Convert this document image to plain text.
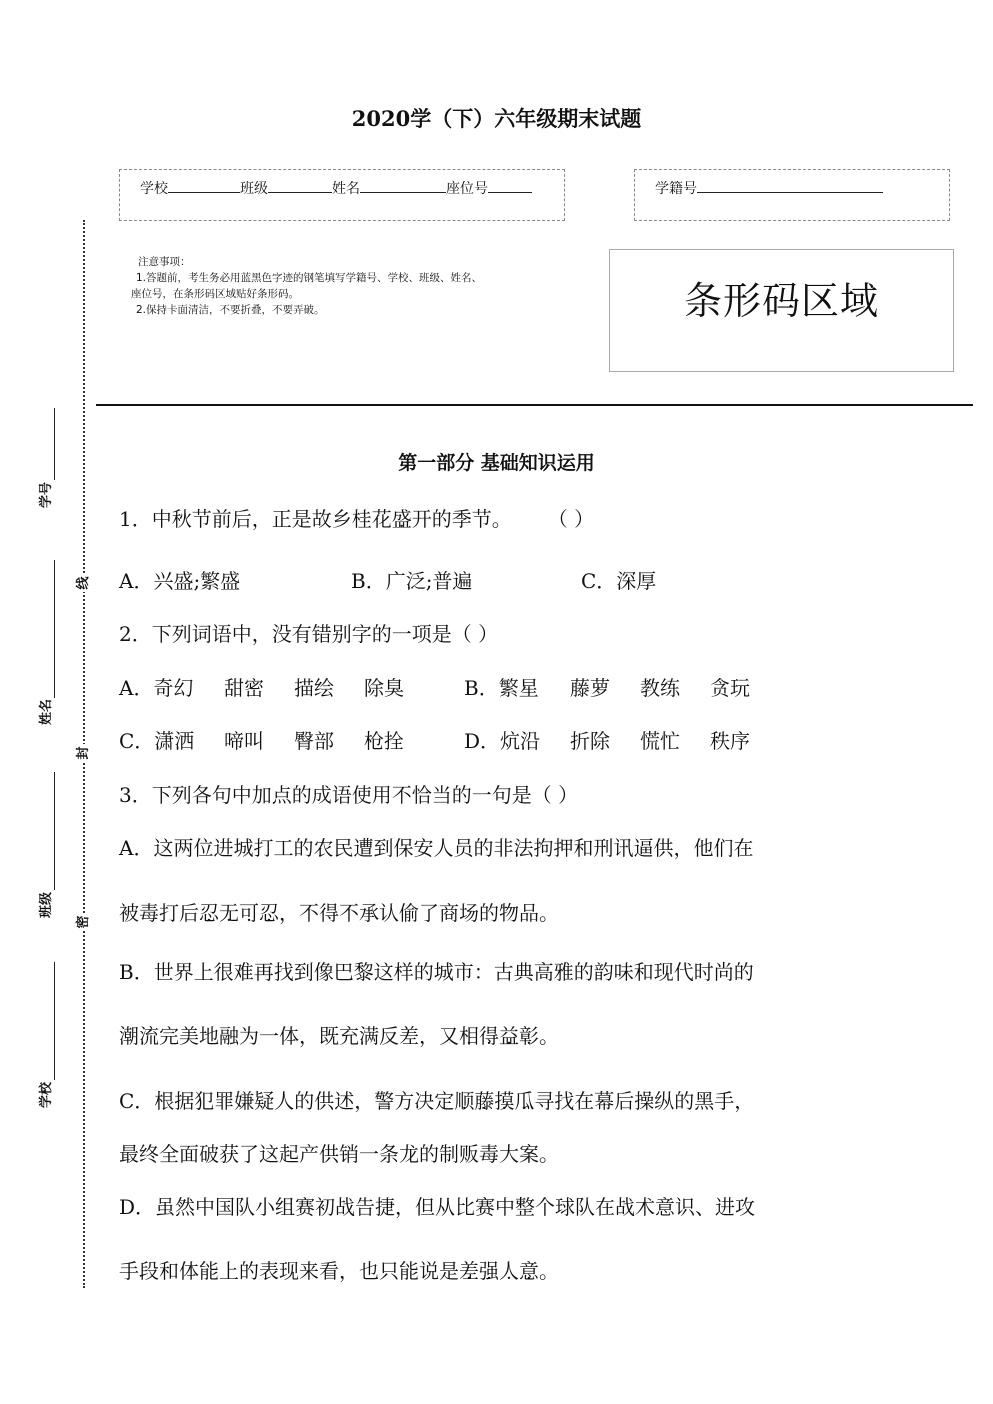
2020学（下）六年级期末试题
学校	班级	姓名	座位号	学籍号
注意事项：
1.答题前，考生务必用蓝黑色字迹的钢笔填写学籍号、学校、班级、姓名、
座位号，在条形码区域贴好条形码。
2.保持卡面清洁，不要折叠，不要弄破。	条形码区域
学号
姓名
班级
学校
线
封
密
第一部分 基础知识运用
1．中秋节前后，正是故乡桂花盛开的季节。 （ ）
A．兴盛;繁盛	B．广泛;普遍	C．深厚
2．下列词语中，没有错别字的一项是（ ）
A．奇幻 甜密 描绘 除臭	B．繁星 藤萝 教练 贪玩
C．潇洒 啼叫 臀部 枪拴	D．炕沿 折除 慌忙 秩序
3．下列各句中加点的成语使用不恰当的一句是（ ）
A．这两位进城打工的农民遭到保安人员的非法拘押和刑讯逼供，他们在
被毒打后忍无可忍，不得不承认偷了商场的物品。
B．世界上很难再找到像巴黎这样的城市：古典高雅的韵味和现代时尚的
潮流完美地融为一体，既充满反差，又相得益彰。
C．根据犯罪嫌疑人的供述，警方决定顺藤摸瓜寻找在幕后操纵的黑手，
最终全面破获了这起产供销一条龙的制贩毒大案。
D．虽然中国队小组赛初战告捷，但从比赛中整个球队在战术意识、进攻
手段和体能上的表现来看，也只能说是差强人意。
